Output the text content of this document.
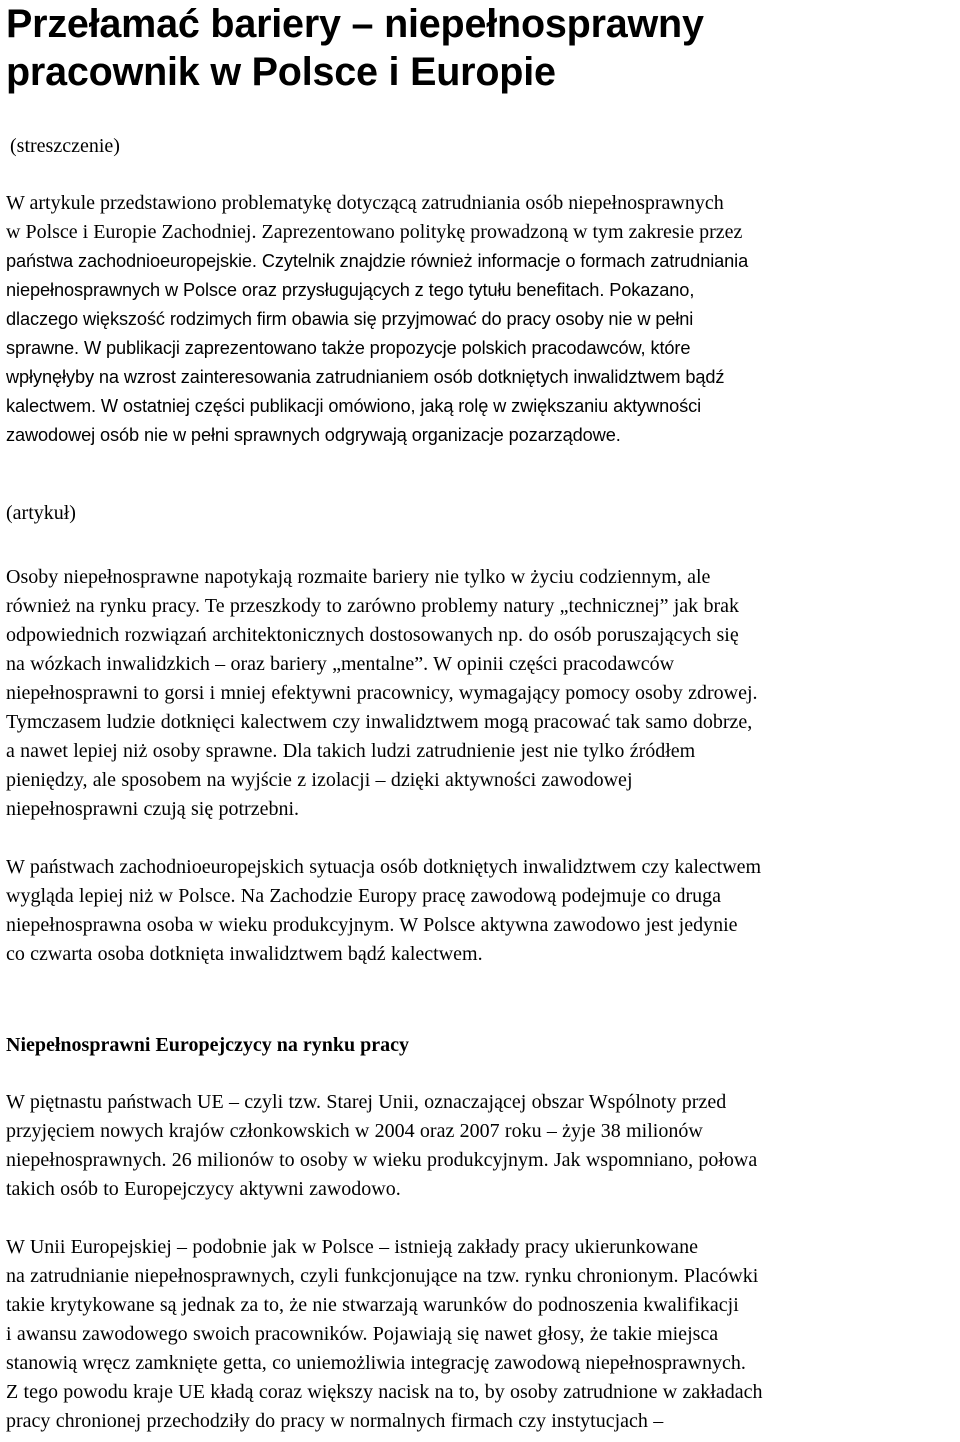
Przełamać bariery – niepełnosprawny
pracownik w Polsce i Europie
(streszczenie)
W artykule przedstawiono problematykę dotyczącą zatrudniania osób niepełnosprawnych
w Polsce i Europie Zachodniej. Zaprezentowano politykę prowadzoną w tym zakresie przez
państwa zachodnioeuropejskie. Czytelnik znajdzie również informacje o formach zatrudniania
niepełnosprawnych w Polsce oraz przysługujących z tego tytułu benefitach. Pokazano,
dlaczego większość rodzimych firm obawia się przyjmować do pracy osoby nie w pełni
sprawne. W publikacji zaprezentowano także propozycje polskich pracodawców, które
wpłynęłyby na wzrost zainteresowania zatrudnianiem osób dotkniętych inwalidztwem bądź
kalectwem. W ostatniej części publikacji omówiono, jaką rolę w zwiększaniu aktywności
zawodowej osób nie w pełni sprawnych odgrywają organizacje pozarządowe.
(artykuł)
Osoby niepełnosprawne napotykają rozmaite bariery nie tylko w życiu codziennym, ale
również na rynku pracy. Te przeszkody to zarówno problemy natury „technicznej” jak brak
odpowiednich rozwiązań architektonicznych dostosowanych np. do osób poruszających się
na wózkach inwalidzkich – oraz bariery „mentalne”. W opinii części pracodawców
niepełnosprawni to gorsi i mniej efektywni pracownicy, wymagający pomocy osoby zdrowej.
Tymczasem ludzie dotknięci kalectwem czy inwalidztwem mogą pracować tak samo dobrze,
a nawet lepiej niż osoby sprawne. Dla takich ludzi zatrudnienie jest nie tylko źródłem
pieniędzy, ale sposobem na wyjście z izolacji – dzięki aktywności zawodowej
niepełnosprawni czują się potrzebni.
W państwach zachodnioeuropejskich sytuacja osób dotkniętych inwalidztwem czy kalectwem
wygląda lepiej niż w Polsce. Na Zachodzie Europy pracę zawodową podejmuje co druga
niepełnosprawna osoba w wieku produkcyjnym. W Polsce aktywna zawodowo jest jedynie
co czwarta osoba dotknięta inwalidztwem bądź kalectwem.
Niepełnosprawni Europejczycy na rynku pracy
W piętnastu państwach UE – czyli tzw. Starej Unii, oznaczającej obszar Wspólnoty przed
przyjęciem nowych krajów członkowskich w 2004 oraz 2007 roku – żyje 38 milionów
niepełnosprawnych. 26 milionów to osoby w wieku produkcyjnym. Jak wspomniano, połowa
takich osób to Europejczycy aktywni zawodowo.
W Unii Europejskiej – podobnie jak w Polsce – istnieją zakłady pracy ukierunkowane
na zatrudnianie niepełnosprawnych, czyli funkcjonujące na tzw. rynku chronionym. Placówki
takie krytykowane są jednak za to, że nie stwarzają warunków do podnoszenia kwalifikacji
i awansu zawodowego swoich pracowników. Pojawiają się nawet głosy, że takie miejsca
stanowią wręcz zamknięte getta, co uniemożliwia integrację zawodową niepełnosprawnych.
Z tego powodu kraje UE kładą coraz większy nacisk na to, by osoby zatrudnione w zakładach
pracy chronionej przechodziły do pracy w normalnych firmach czy instytucjach –
